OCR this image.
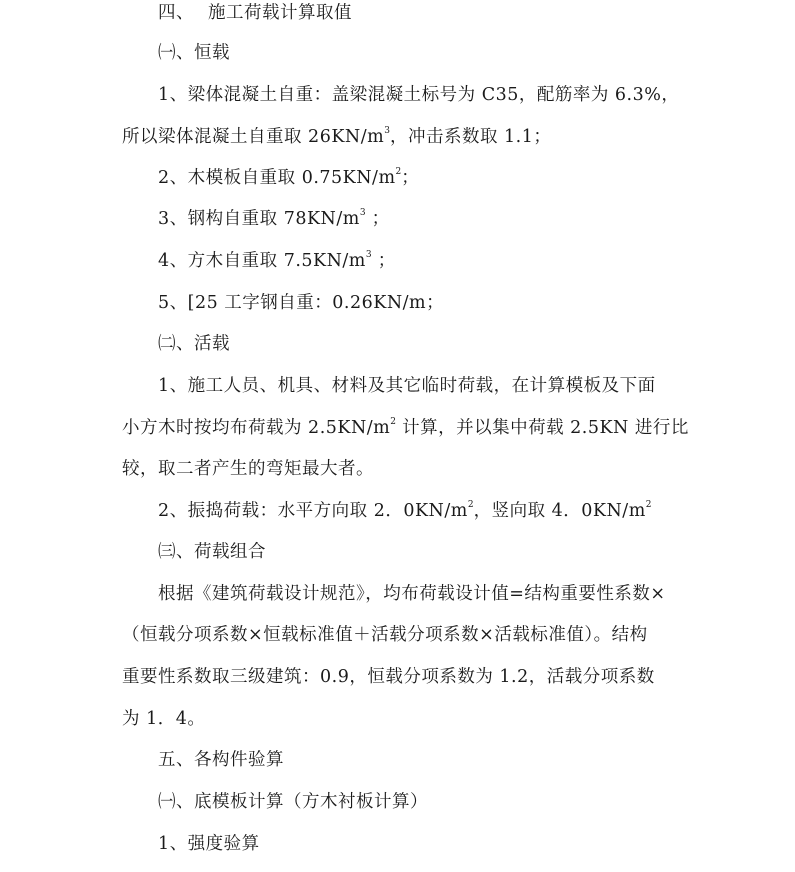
四、 施工荷载计算取值
㈠、恒载
1、梁体混凝土自重：盖梁混凝土标号为 C35，配筋率为 6.3%，
所以梁体混凝土自重取 $26KN/m^3$，冲击系数取 1.1；
2、木模板自重取 $0.75KN/m^2$；
3、钢构自重取 $78KN/m^3$ ；
4、方木自重取 $7.5KN/m^3$ ；
5、[25 工字钢自重：0.26KN/m；
㈡、活载
1、施工人员、机具、材料及其它临时荷载，在计算模板及下面
小方木时按均布荷载为 $2.5KN/m^2$ 计算，并以集中荷载 2.5KN 进行比
较，取二者产生的弯矩最大者。
2、振捣荷载：水平方向取 2．$0KN/m^2$，竖向取 4．$0KN/m^2$
㈢、荷载组合
根据《建筑荷载设计规范》，均布荷载设计值=结构重要性系数×
（恒载分项系数×恒载标准值＋活载分项系数×活载标准值）。结构
重要性系数取三级建筑：0.9，恒载分项系数为 1.2，活载分项系数
为 1．4。
五、各构件验算
㈠、底模板计算（方木衬板计算）
1、强度验算
